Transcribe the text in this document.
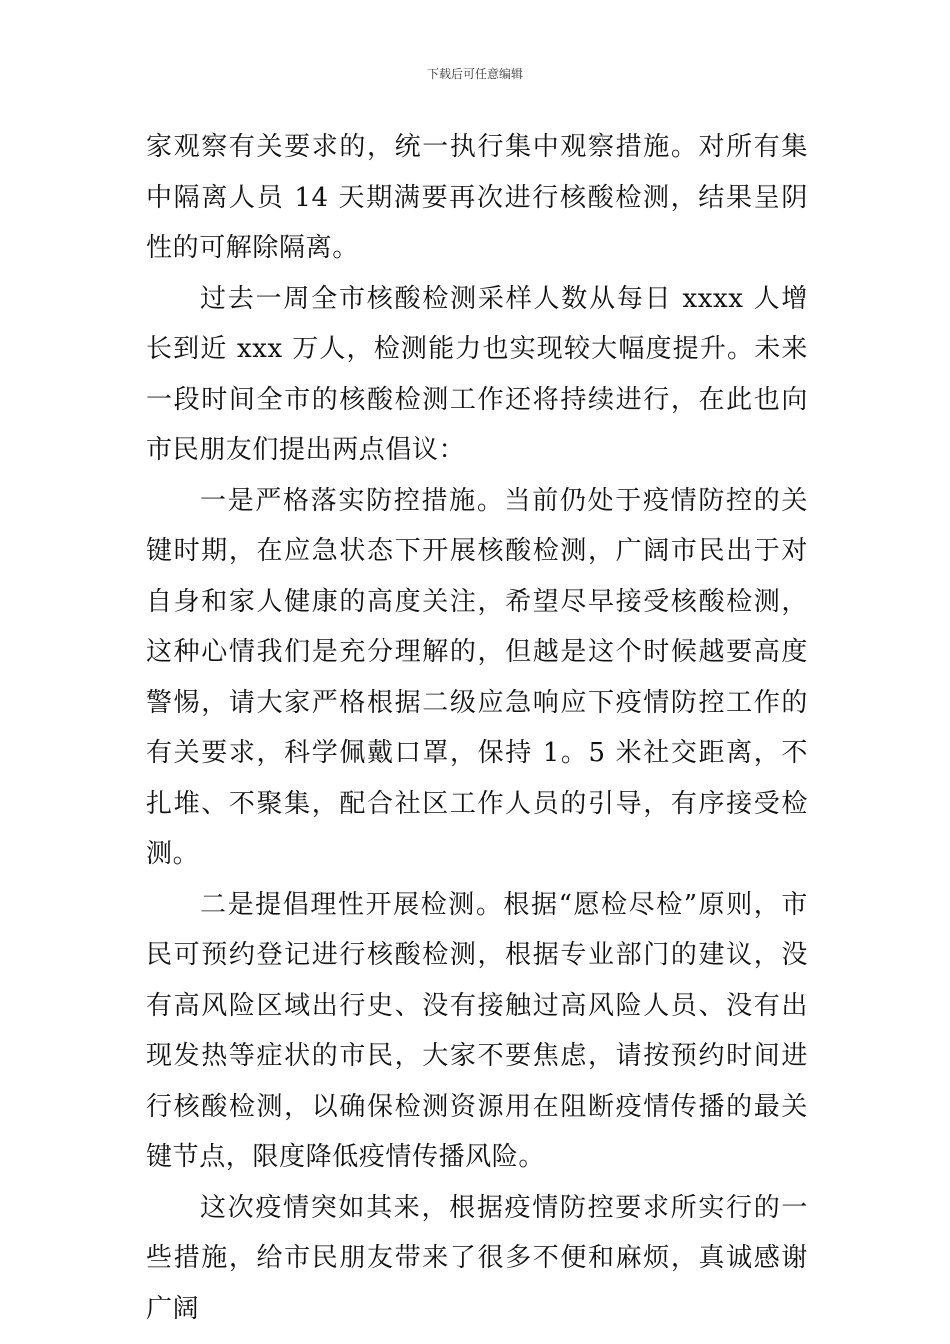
下载后可任意编辑

家观察有关要求的，统一执行集中观察措施。对所有集中隔离人员 14 天期满要再次进行核酸检测，结果呈阴性的可解除隔离。

过去一周全市核酸检测采样人数从每日 xxxx 人增长到近 xxx 万人，检测能力也实现较大幅度提升。未来一段时间全市的核酸检测工作还将持续进行，在此也向市民朋友们提出两点倡议：

一是严格落实防控措施。当前仍处于疫情防控的关键时期，在应急状态下开展核酸检测，广阔市民出于对自身和家人健康的高度关注，希望尽早接受核酸检测，这种心情我们是充分理解的，但越是这个时候越要高度警惕，请大家严格根据二级应急响应下疫情防控工作的有关要求，科学佩戴口罩，保持 1。5 米社交距离，不扎堆、不聚集，配合社区工作人员的引导，有序接受检测。

二是提倡理性开展检测。根据“愿检尽检”原则，市民可预约登记进行核酸检测，根据专业部门的建议，没有高风险区域出行史、没有接触过高风险人员、没有出现发热等症状的市民，大家不要焦虑，请按预约时间进行核酸检测，以确保检测资源用在阻断疫情传播的最关键节点，限度降低疫情传播风险。

这次疫情突如其来，根据疫情防控要求所实行的一些措施，给市民朋友带来了很多不便和麻烦，真诚感谢广阔
